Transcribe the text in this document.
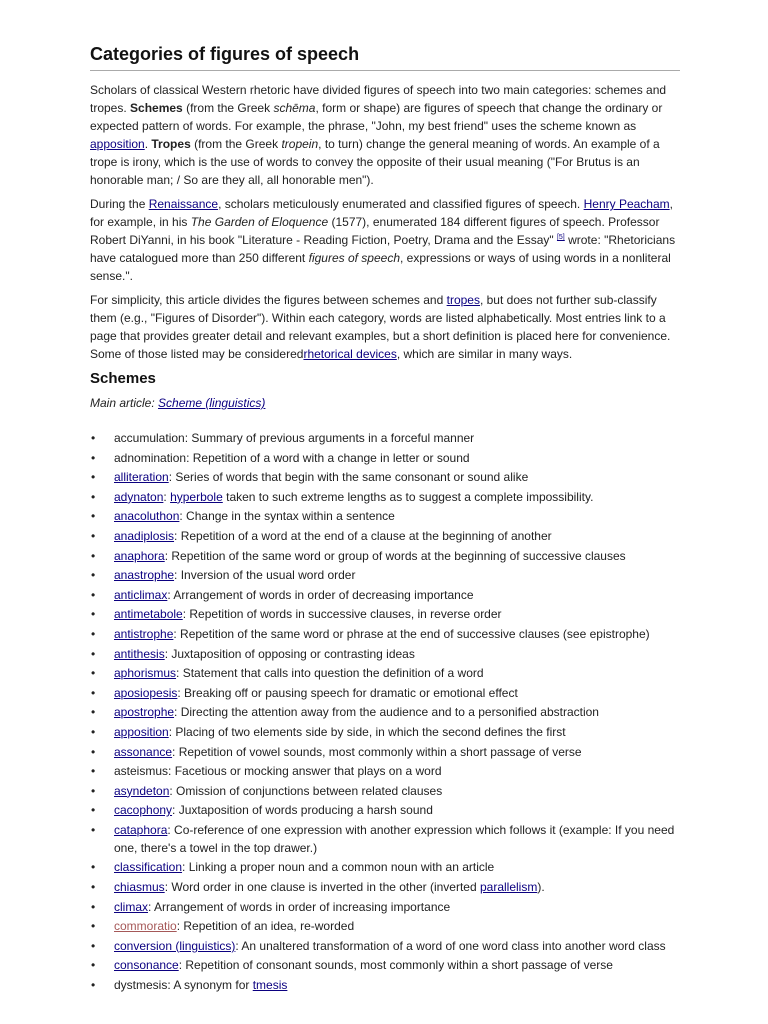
Categories of figures of speech

Scholars of classical Western rhetoric have divided figures of speech into two main categories: schemes and tropes. Schemes (from the Greek schēma, form or shape) are figures of speech that change the ordinary or expected pattern of words. For example, the phrase, "John, my best friend" uses the scheme known as apposition. Tropes (from the Greek tropein, to turn) change the general meaning of words. An example of a trope is irony, which is the use of words to convey the opposite of their usual meaning ("For Brutus is an honorable man; / So are they all, all honorable men").

During the Renaissance, scholars meticulously enumerated and classified figures of speech. Henry Peacham, for example, in his The Garden of Eloquence (1577), enumerated 184 different figures of speech. Professor Robert DiYanni, in his book "Literature - Reading Fiction, Poetry, Drama and the Essay" [5] wrote: "Rhetoricians have catalogued more than 250 different figures of speech, expressions or ways of using words in a nonliteral sense.".

For simplicity, this article divides the figures between schemes and tropes, but does not further sub-classify them (e.g., "Figures of Disorder"). Within each category, words are listed alphabetically. Most entries link to a page that provides greater detail and relevant examples, but a short definition is placed here for convenience. Some of those listed may be consideredrhetorical devices, which are similar in many ways.

Schemes
Main article: Scheme (linguistics)
• accumulation: Summary of previous arguments in a forceful manner
• adnomination: Repetition of a word with a change in letter or sound
• alliteration: Series of words that begin with the same consonant or sound alike
• adynaton: hyperbole taken to such extreme lengths as to suggest a complete impossibility.
• anacoluthon: Change in the syntax within a sentence
• anadiplosis: Repetition of a word at the end of a clause at the beginning of another
• anaphora: Repetition of the same word or group of words at the beginning of successive clauses
• anastrophe: Inversion of the usual word order
• anticlimax: Arrangement of words in order of decreasing importance
• antimetabole: Repetition of words in successive clauses, in reverse order
• antistrophe: Repetition of the same word or phrase at the end of successive clauses (see epistrophe)
• antithesis: Juxtaposition of opposing or contrasting ideas
• aphorismus: Statement that calls into question the definition of a word
• aposiopesis: Breaking off or pausing speech for dramatic or emotional effect
• apostrophe: Directing the attention away from the audience and to a personified abstraction
• apposition: Placing of two elements side by side, in which the second defines the first
• assonance: Repetition of vowel sounds, most commonly within a short passage of verse
• asteismus: Facetious or mocking answer that plays on a word
• asyndeton: Omission of conjunctions between related clauses
• cacophony: Juxtaposition of words producing a harsh sound
• cataphora: Co-reference of one expression with another expression which follows it (example: If you need one, there's a towel in the top drawer.)
• classification: Linking a proper noun and a common noun with an article
• chiasmus: Word order in one clause is inverted in the other (inverted parallelism).
• climax: Arrangement of words in order of increasing importance
• commoratio: Repetition of an idea, re-worded
• conversion (linguistics): An unaltered transformation of a word of one word class into another word class
• consonance: Repetition of consonant sounds, most commonly within a short passage of verse
• dystmesis: A synonym for tmesis
